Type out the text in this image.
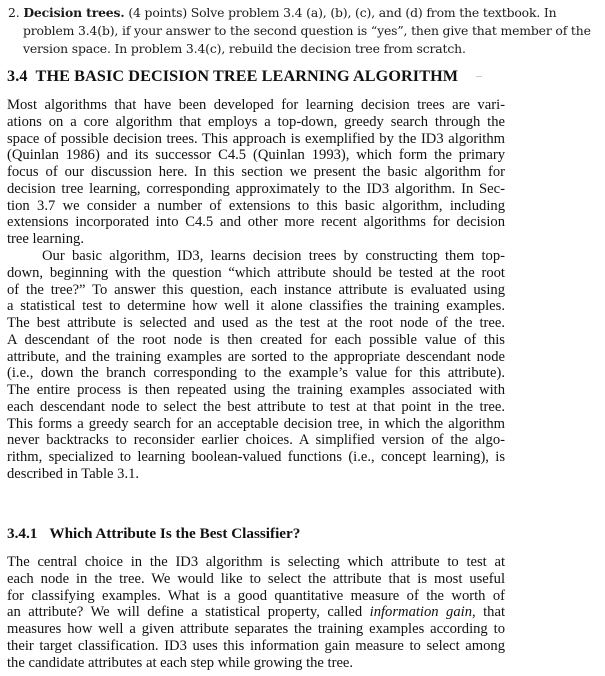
2. Decision trees. (4 points) Solve problem 3.4 (a), (b), (c), and (d) from the textbook. In
problem 3.4(b), if your answer to the second question is “yes”, then give that member of the
version space. In problem 3.4(c), rebuild the decision tree from scratch.
3.4 THE BASIC DECISION TREE LEARNING ALGORITHM
Most algorithms that have been developed for learning decision trees are vari-
ations on a core algorithm that employs a top-down, greedy search through the
space of possible decision trees. This approach is exemplified by the ID3 algorithm
(Quinlan 1986) and its successor C4.5 (Quinlan 1993), which form the primary
focus of our discussion here. In this section we present the basic algorithm for
decision tree learning, corresponding approximately to the ID3 algorithm. In Sec-
tion 3.7 we consider a number of extensions to this basic algorithm, including
extensions incorporated into C4.5 and other more recent algorithms for decision
tree learning.
Our basic algorithm, ID3, learns decision trees by constructing them top-
down, beginning with the question “which attribute should be tested at the root
of the tree?” To answer this question, each instance attribute is evaluated using
a statistical test to determine how well it alone classifies the training examples.
The best attribute is selected and used as the test at the root node of the tree.
A descendant of the root node is then created for each possible value of this
attribute, and the training examples are sorted to the appropriate descendant node
(i.e., down the branch corresponding to the example’s value for this attribute).
The entire process is then repeated using the training examples associated with
each descendant node to select the best attribute to test at that point in the tree.
This forms a greedy search for an acceptable decision tree, in which the algorithm
never backtracks to reconsider earlier choices. A simplified version of the algo-
rithm, specialized to learning boolean-valued functions (i.e., concept learning), is
described in Table 3.1.
3.4.1 Which Attribute Is the Best Classifier?
The central choice in the ID3 algorithm is selecting which attribute to test at
each node in the tree. We would like to select the attribute that is most useful
for classifying examples. What is a good quantitative measure of the worth of
an attribute? We will define a statistical property, called information gain, that
measures how well a given attribute separates the training examples according to
their target classification. ID3 uses this information gain measure to select among
the candidate attributes at each step while growing the tree.
